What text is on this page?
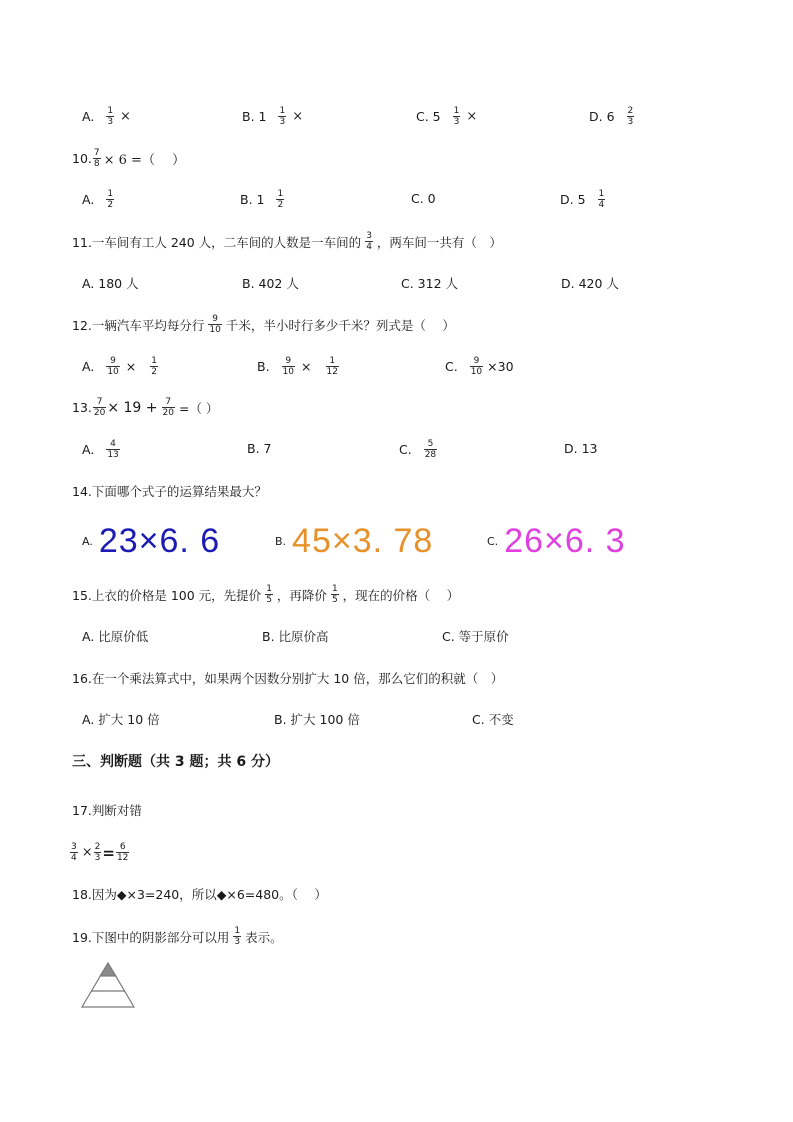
A. $\frac{1}{3}$ ×	B. $1 \frac{1}{3}$ ×	C. $5 \frac{1}{3}$ ×	D. $6 \frac{2}{3}$
10. $\frac{7}{8} \times 6$ =（　 ）
A. $\frac{1}{2}$	B. $1 \frac{1}{2}$	C. 0	D. $5 \frac{1}{4}$
11.一车间有工人 240 人，二车间的人数是一车间的 $\frac{3}{4}$ ，两车间一共有（　）
A. 180 人	B. 402 人	C. 312 人	D. 420 人
12.一辆汽车平均每分行 $\frac{9}{10}$ 千米，半小时行多少千米？列式是（　 ）
A. $\frac{9}{10} \times \frac{1}{2}$	B. $\frac{9}{10} \times \frac{1}{12}$	C. $\frac{9}{10} \times 30$
13. $\frac{7}{20} \times 19 + \frac{7}{20}$ =（ ）
A. $\frac{4}{13}$	B. 7	C. $\frac{5}{28}$	D. 13
14.下面哪个式子的运算结果最大？
A. 23×6. 6	B. 45×3. 78	C. 26×6. 3
15.上衣的价格是 100 元，先提价 $\frac{1}{5}$ ，再降价 $\frac{1}{5}$ ，现在的价格（　 ）
A. 比原价低	B. 比原价高	C. 等于原价
16.在一个乘法算式中，如果两个因数分别扩大 10 倍，那么它们的积就（　）
A. 扩大 10 倍	B. 扩大 100 倍	C. 不变
三、判断题（共 3 题；共 6 分）
17.判断对错
$\frac{3}{4} \times \frac{2}{3} = \frac{6}{12}$
18.因为◆×3=240，所以◆×6=480。（　 ）
19.下图中的阴影部分可以用 $\frac{1}{3}$ 表示。
